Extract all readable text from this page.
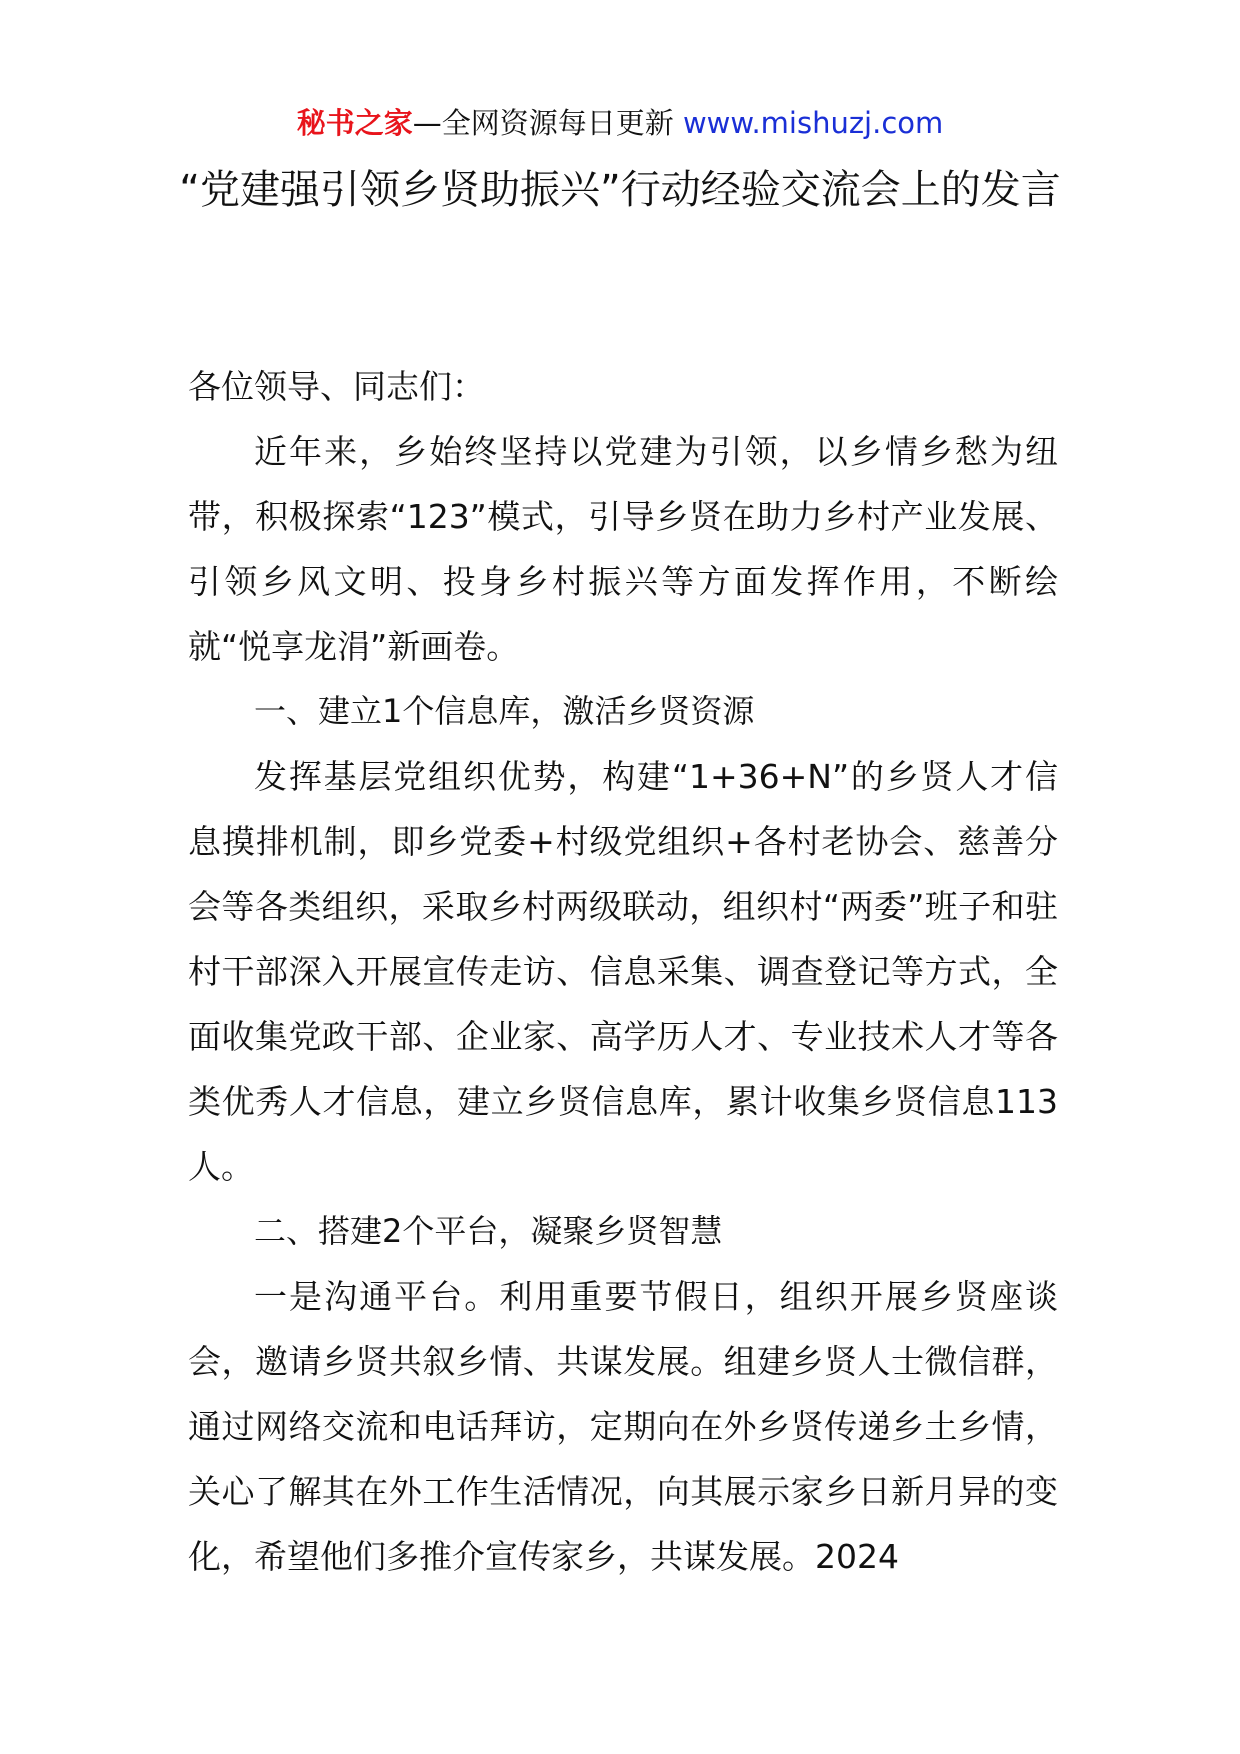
秘书之家—全网资源每日更新 www.mishuzj.com
“党建强引领乡贤助振兴”行动经验交流会上的发言

各位领导、同志们：

近年来，乡始终坚持以党建为引领，以乡情乡愁为纽带，积极探索“123”模式，引导乡贤在助力乡村产业发展、引领乡风文明、投身乡村振兴等方面发挥作用，不断绘就“悦享龙涓”新画卷。

一、建立1个信息库，激活乡贤资源

发挥基层党组织优势，构建“1+36+N”的乡贤人才信息摸排机制，即乡党委+村级党组织+各村老协会、慈善分会等各类组织，采取乡村两级联动，组织村“两委”班子和驻村干部深入开展宣传走访、信息采集、调查登记等方式，全面收集党政干部、企业家、高学历人才、专业技术人才等各类优秀人才信息，建立乡贤信息库，累计收集乡贤信息113人。

二、搭建2个平台，凝聚乡贤智慧

一是沟通平台。利用重要节假日，组织开展乡贤座谈会，邀请乡贤共叙乡情、共谋发展。组建乡贤人士微信群，通过网络交流和电话拜访，定期向在外乡贤传递乡土乡情，关心了解其在外工作生活情况，向其展示家乡日新月异的变化，希望他们多推介宣传家乡，共谋发展。2024
